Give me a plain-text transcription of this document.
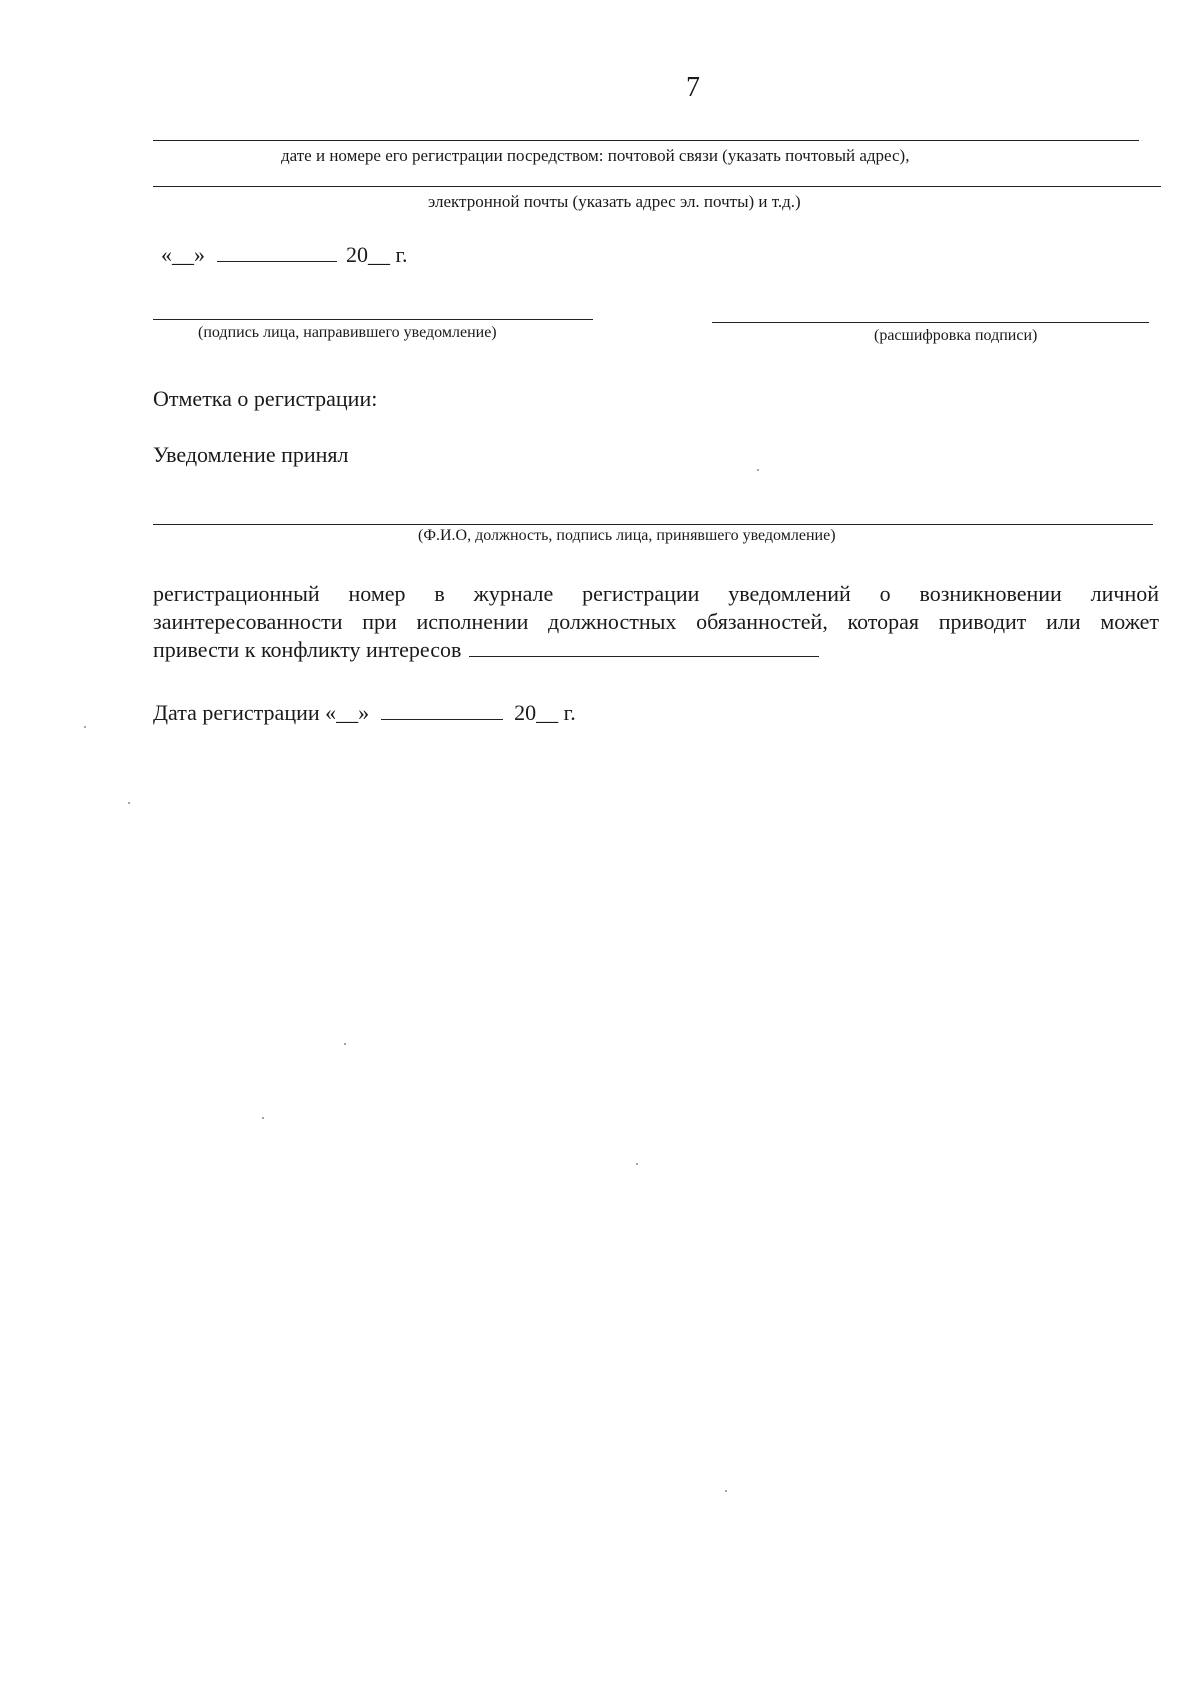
7
дате и номере его регистрации посредством: почтовой связи (указать почтовый адрес),
электронной почты (указать адрес эл. почты) и т.д.)
«__»	20__ г.
(подпись лица, направившего уведомление)	(расшифровка подписи)
Отметка о регистрации:
Уведомление принял
(Ф.И.О, должность, подпись лица, принявшего уведомление)
регистрационный номер в журнале регистрации уведомлений о возникновении личной
заинтересованности при исполнении должностных обязанностей, которая приводит или может
привести к конфликту интересов
Дата регистрации «__»	20__ г.
